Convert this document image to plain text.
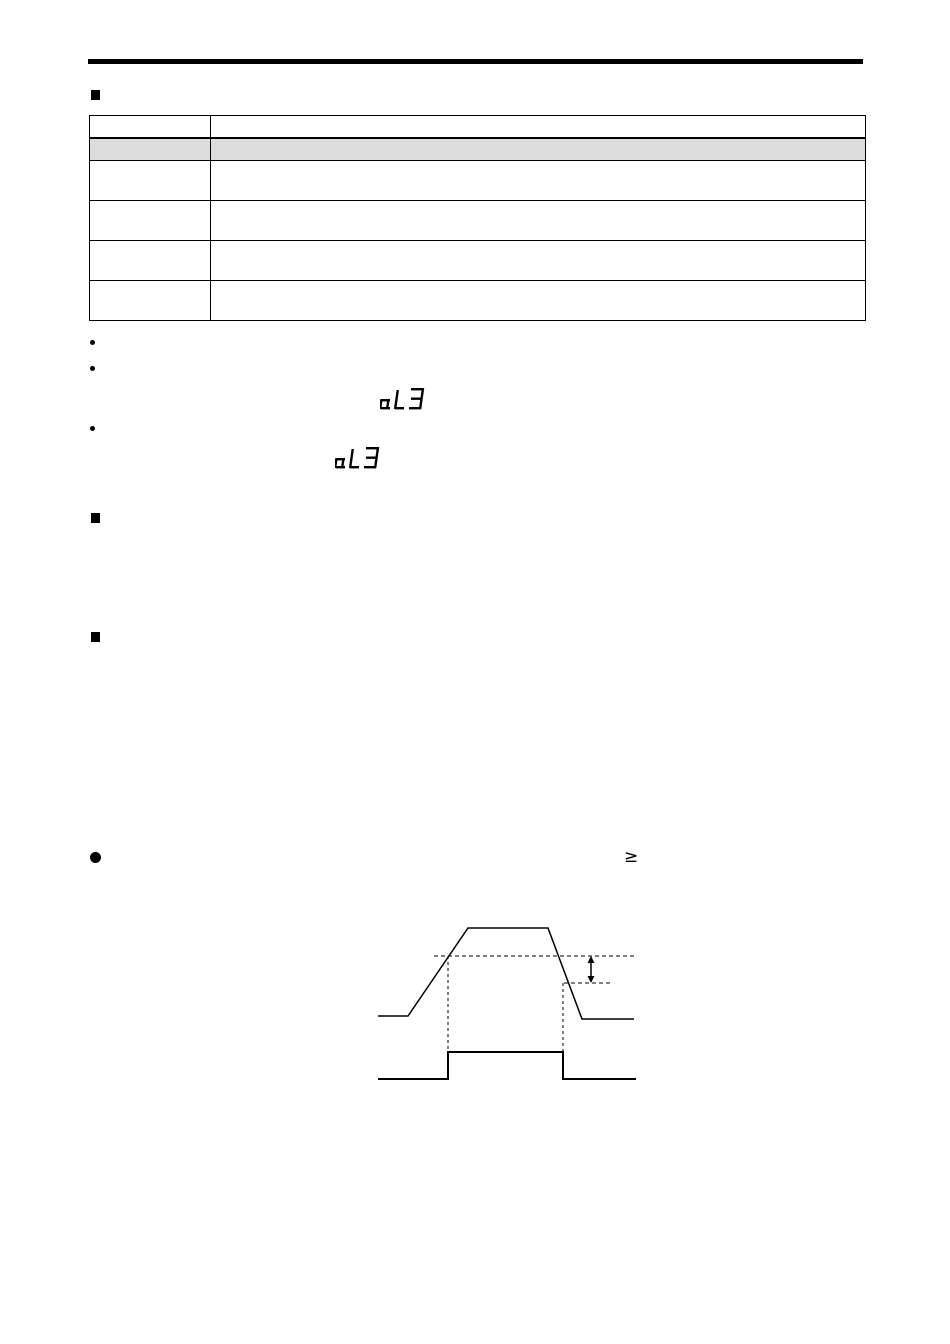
≥
